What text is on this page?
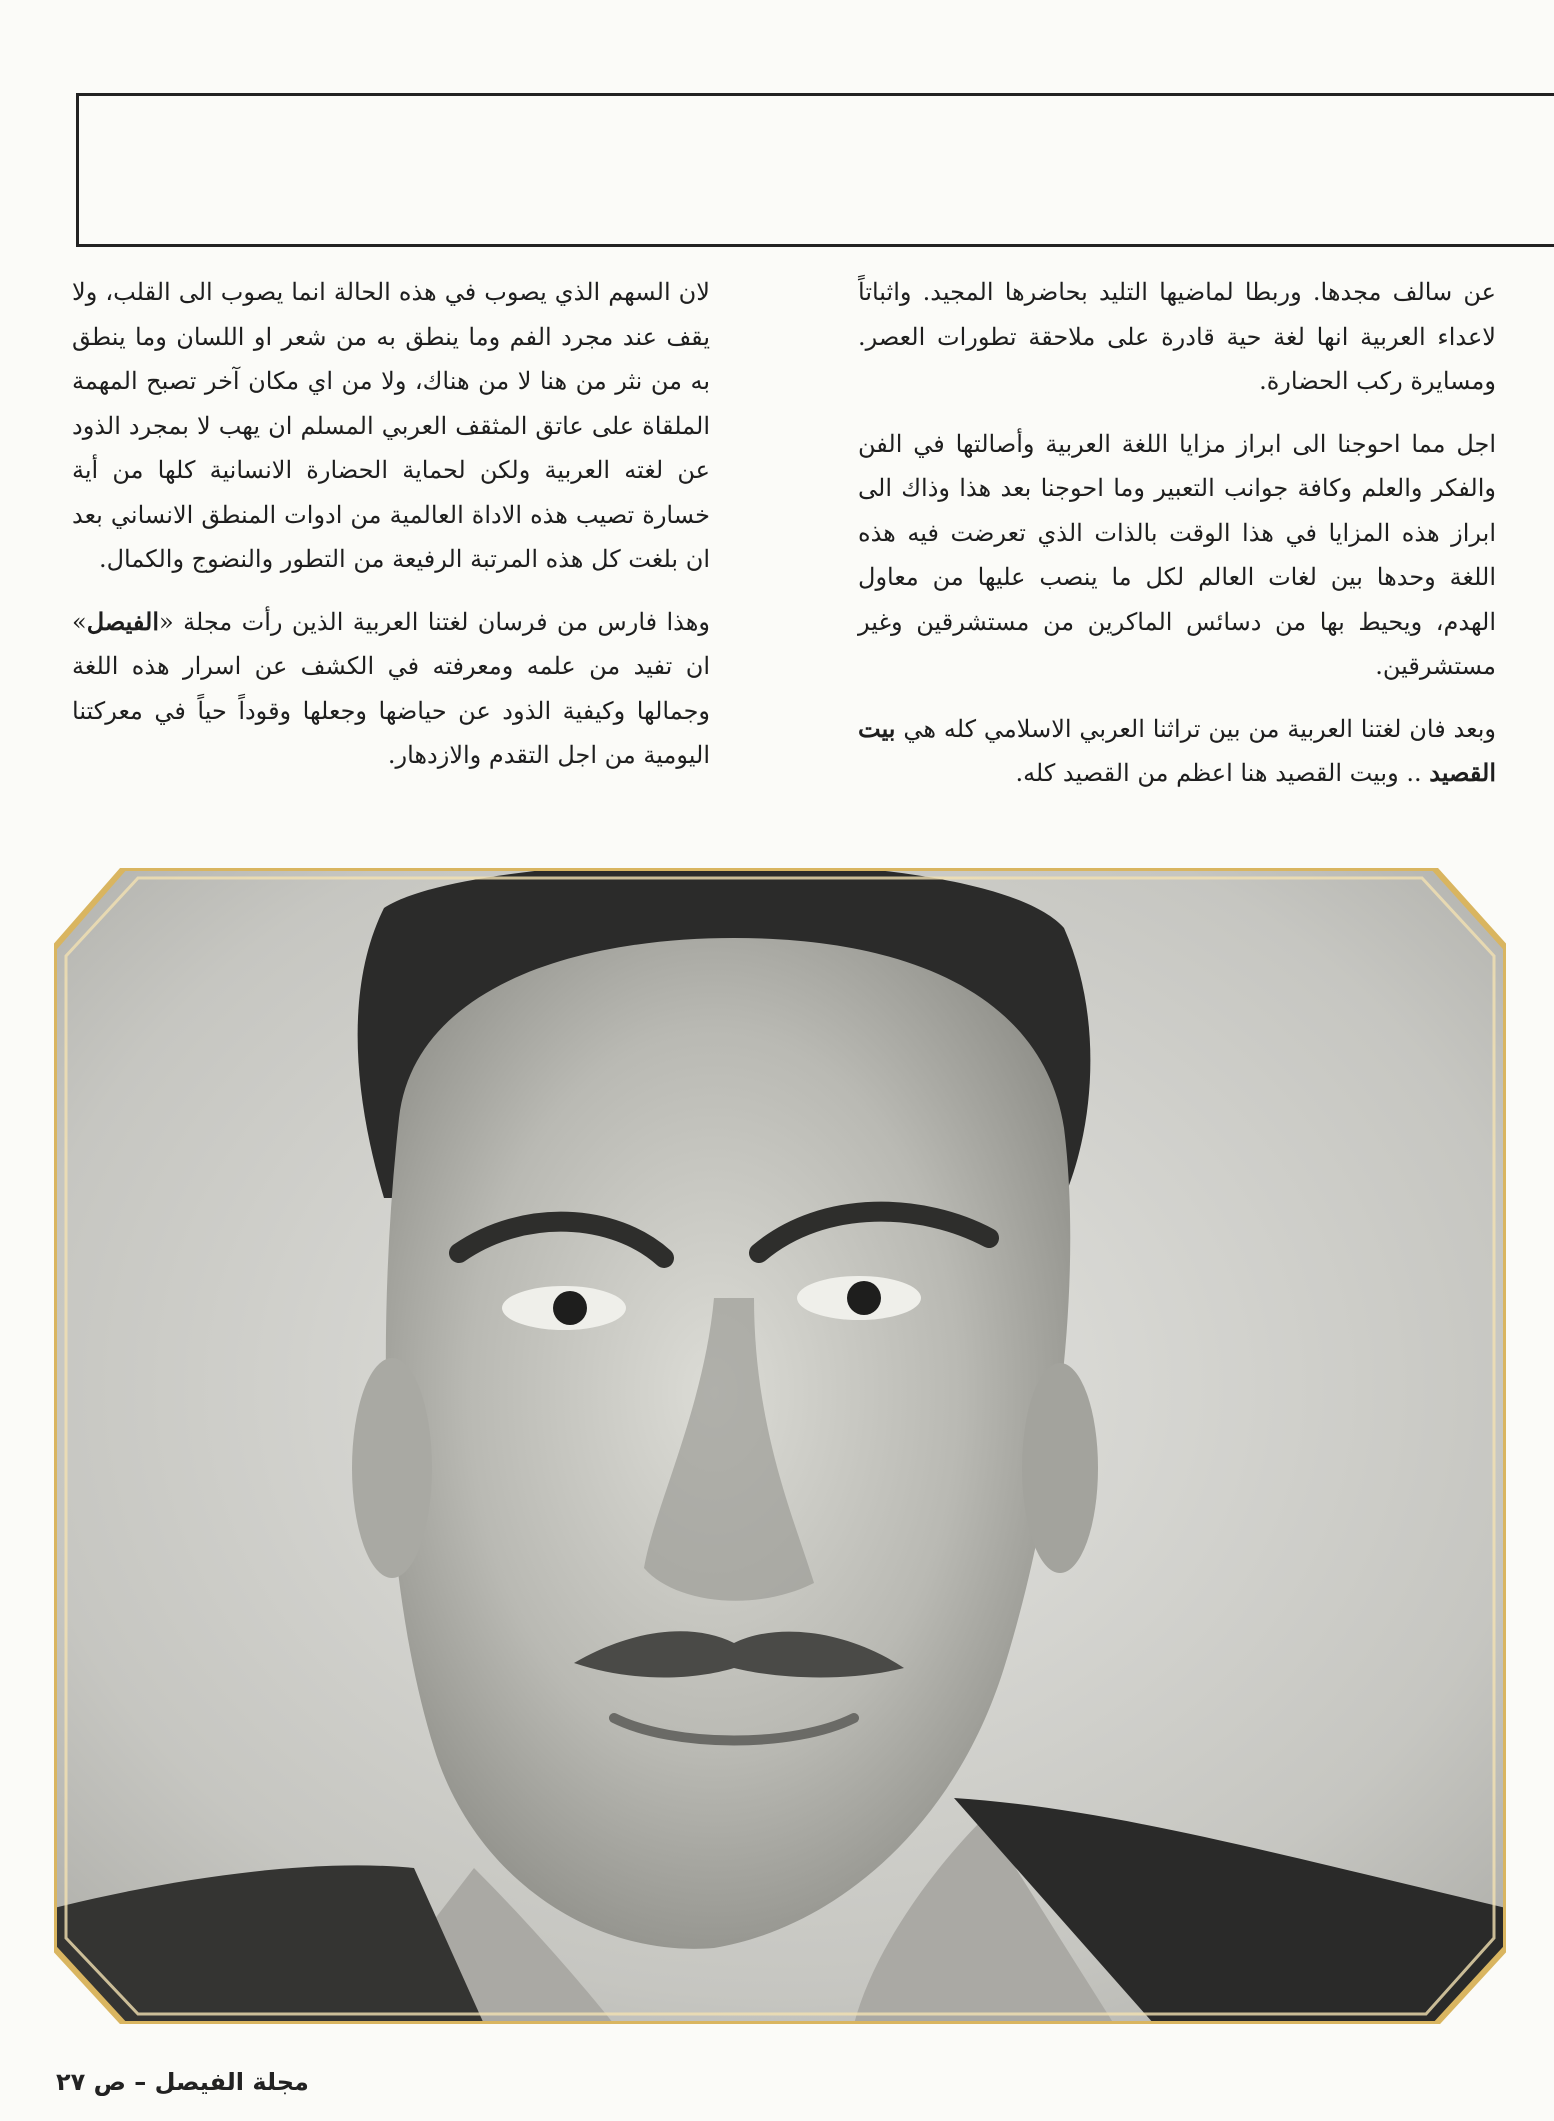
عن سالف مجدها. وربطا لماضيها التليد بحاضرها المجيد. واثباتاً لاعداء العربية انها لغة حية قادرة على ملاحقة تطورات العصر. ومسايرة ركب الحضارة.

اجل مما احوجنا الى ابراز مزايا اللغة العربية وأصالتها في الفن والفكر والعلم وكافة جوانب التعبير وما احوجنا بعد هذا وذاك الى ابراز هذه المزايا في هذا الوقت بالذات الذي تعرضت فيه هذه اللغة وحدها بين لغات العالم لكل ما ينصب عليها من معاول الهدم، ويحيط بها من دسائس الماكرين من مستشرقين وغير مستشرقين.

وبعد فان لغتنا العربية من بين تراثنا العربي الاسلامي كله هي بيت القصيد .. وبيت القصيد هنا اعظم من القصيد كله.

لان السهم الذي يصوب في هذه الحالة انما يصوب الى القلب، ولا يقف عند مجرد الفم وما ينطق به من شعر او اللسان وما ينطق به من نثر من هنا لا من هناك، ولا من اي مكان آخر تصبح المهمة الملقاة على عاتق المثقف العربي المسلم ان يهب لا بمجرد الذود عن لغته العربية ولكن لحماية الحضارة الانسانية كلها من أية خسارة تصيب هذه الاداة العالمية من ادوات المنطق الانساني بعد ان بلغت كل هذه المرتبة الرفيعة من التطور والنضوج والكمال.

وهذا فارس من فرسان لغتنا العربية الذين رأت مجلة «الفيصل» ان تفيد من علمه ومعرفته في الكشف عن اسرار هذه اللغة وجمالها وكيفية الذود عن حياضها وجعلها وقوداً حياً في معركتنا اليومية من اجل التقدم والازدهار.

مجلة الفيصل – ص ٢٧
